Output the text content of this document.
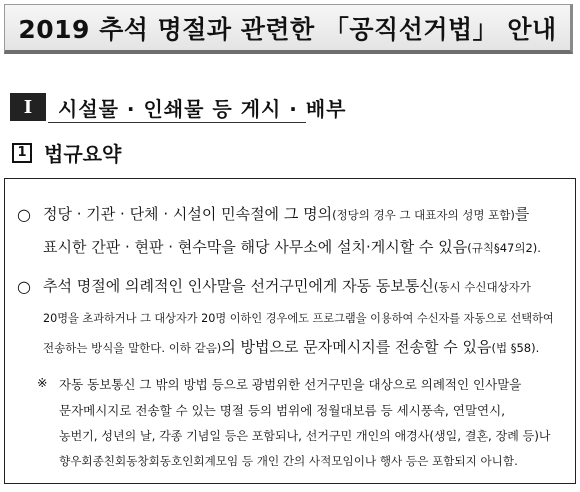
2019 추석 명절과 관련한 「공직선거법」 안내
Ⅰ	시설물 · 인쇄물 등 게시 · 배부
1 법규요약
○ 정당 · 기관 · 단체 · 시설이 민속절에 그 명의(정당의 경우 그 대표자의 성명 포함)를
표시한 간판 · 현판 · 현수막을 해당 사무소에 설치·게시할 수 있음(규칙§47의2).
○ 추석 명절에 의례적인 인사말을 선거구민에게 자동 동보통신(동시 수신대상자가
20명을 초과하거나 그 대상자가 20명 이하인 경우에도 프로그램을 이용하여 수신자를 자동으로 선택하여
전송하는 방식을 말한다. 이하 같음)의 방법으로 문자메시지를 전송할 수 있음(법 §58).
※ 자동 동보통신 그 밖의 방법 등으로 광범위한 선거구민을 대상으로 의례적인 인사말을
문자메시지로 전송할 수 있는 명절 등의 범위에 정월대보름 등 세시풍속, 연말연시,
농번기, 성년의 날, 각종 기념일 등은 포함되나, 선거구민 개인의 애경사(생일, 결혼, 장례 등)나
향우회종친회동창회동호인회계모임 등 개인 간의 사적모임이나 행사 등은 포함되지 아니함.
